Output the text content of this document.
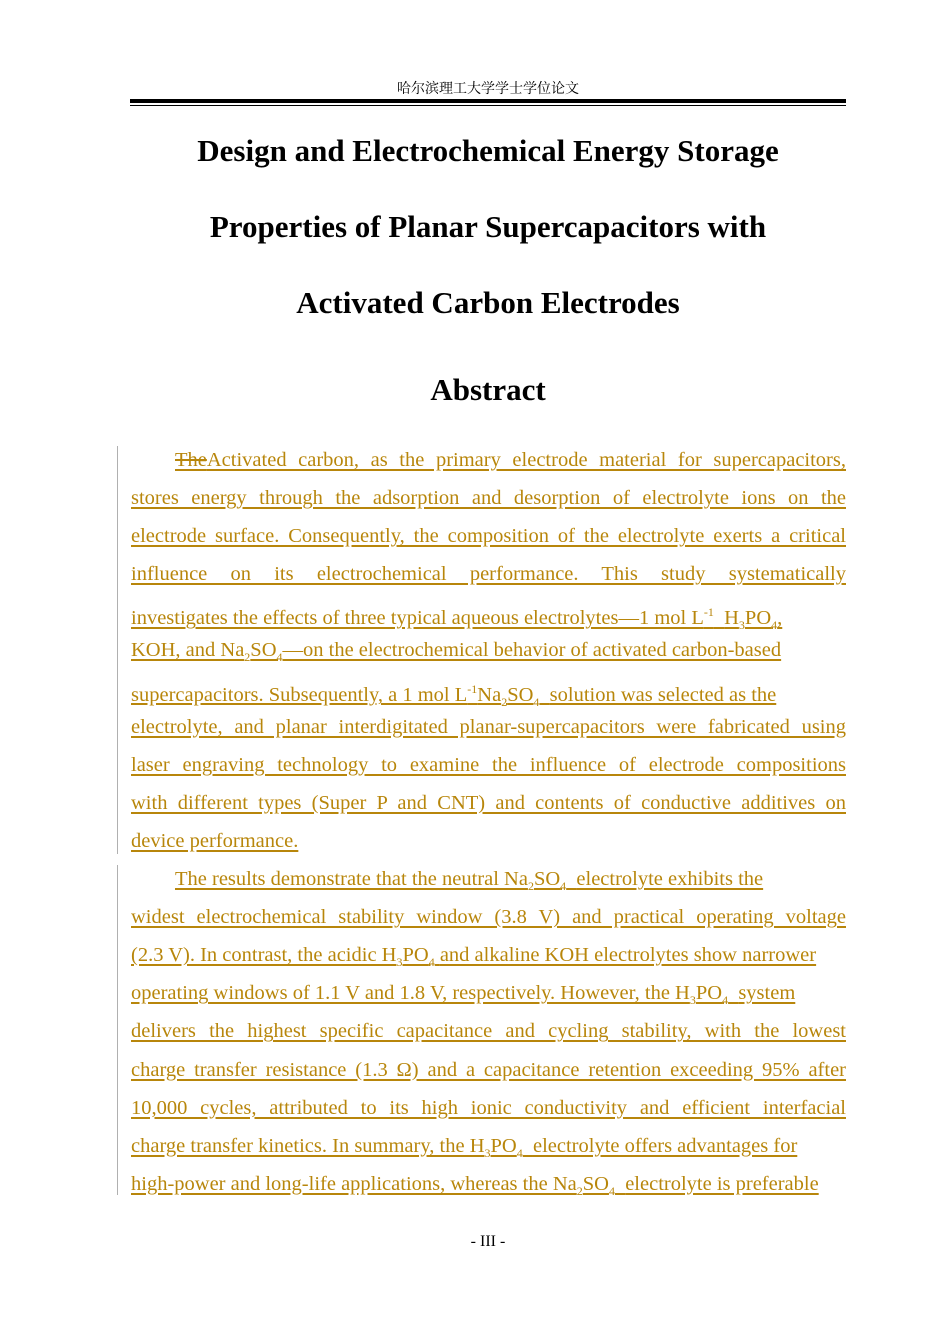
哈尔滨理工大学学士学位论文
Design and Electrochemical Energy Storage
Properties of Planar Supercapacitors with
Activated Carbon Electrodes
Abstract
TheActivated carbon, as the primary electrode material for supercapacitors,
stores energy through the adsorption and desorption of electrolyte ions on the
electrode surface. Consequently, the composition of the electrolyte exerts a critical
influence on its electrochemical performance. This study systematically
investigates the effects of three typical aqueous electrolytes—1 mol $L^{-1}$ $H_3PO_4$,
KOH, and $Na_2SO_4—on$ the electrochemical behavior of activated carbon-based
supercapacitors. Subsequently, a 1 mol $L^{-1}Na_2SO_4$ solution was selected as the
electrolyte, and planar interdigitated planar-supercapacitors were fabricated using
laser engraving technology to examine the influence of electrode compositions
with different types (Super P and CNT) and contents of conductive additives on
device performance.
The results demonstrate that the neutral $Na_2SO_4$ electrolyte exhibits the
widest electrochemical stability window (3.8 V) and practical operating voltage
(2.3 V). In contrast, the acidic $H_3PO_4$ and alkaline KOH electrolytes show narrower
operating windows of 1.1 V and 1.8 V, respectively. However, the $H_3PO_4$ system
delivers the highest specific capacitance and cycling stability, with the lowest
charge transfer resistance (1.3 Ω) and a capacitance retention exceeding 95% after
10,000 cycles, attributed to its high ionic conductivity and efficient interfacial
charge transfer kinetics. In summary, the $H_3PO_4$ electrolyte offers advantages for
high-power and long-life applications, whereas the $Na_2SO_4$ electrolyte is preferable
- III -
